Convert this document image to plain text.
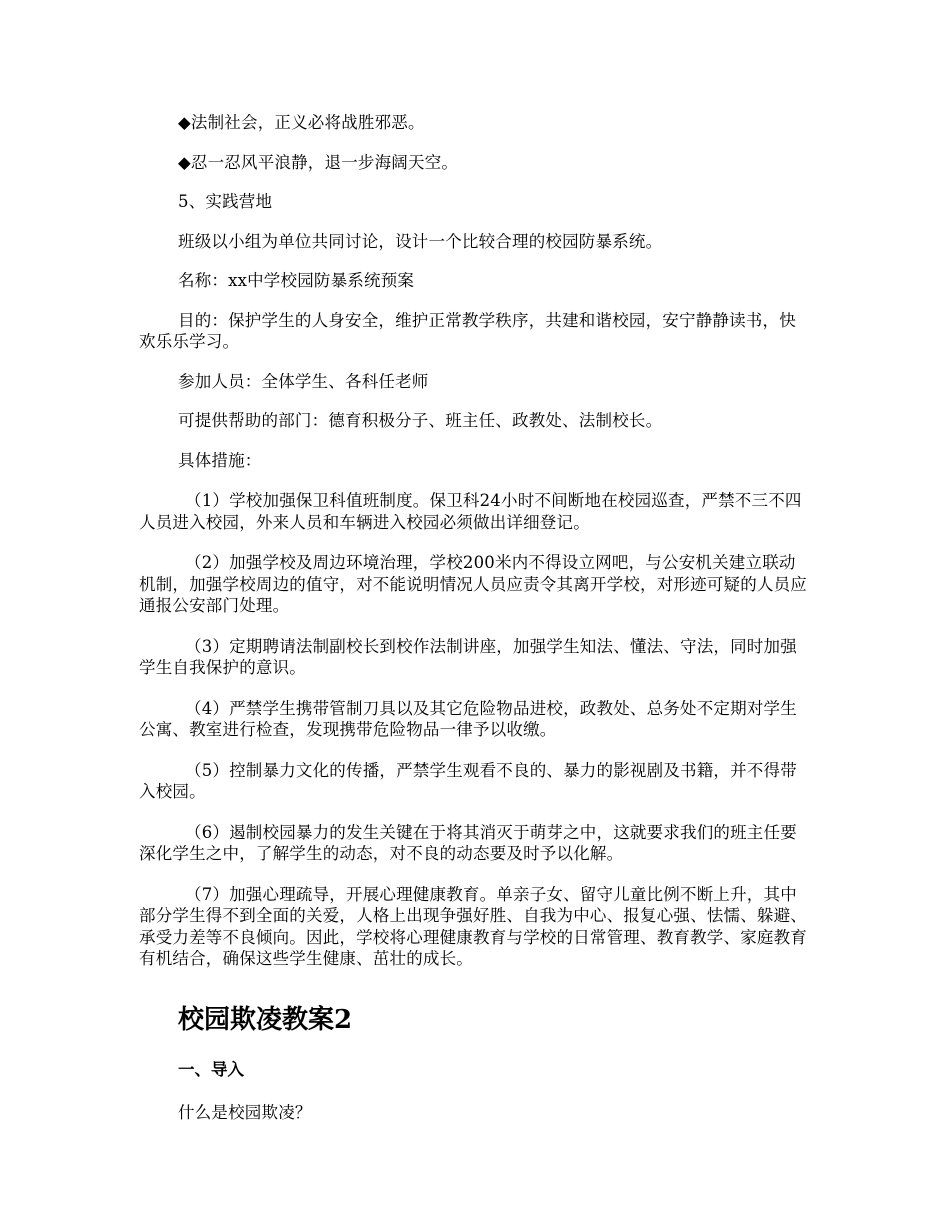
◆法制社会，正义必将战胜邪恶。

◆忍一忍风平浪静，退一步海阔天空。

5、实践营地

班级以小组为单位共同讨论，设计一个比较合理的校园防暴系统。

名称：xx中学校园防暴系统预案

目的：保护学生的人身安全，维护正常教学秩序，共建和谐校园，安宁静静读书，快欢乐乐学习。

参加人员：全体学生、各科任老师

可提供帮助的部门：德育积极分子、班主任、政教处、法制校长。

具体措施：

（1）学校加强保卫科值班制度。保卫科24小时不间断地在校园巡查，严禁不三不四人员进入校园，外来人员和车辆进入校园必须做出详细登记。

（2）加强学校及周边环境治理，学校200米内不得设立网吧，与公安机关建立联动机制，加强学校周边的值守，对不能说明情况人员应责令其离开学校，对形迹可疑的人员应通报公安部门处理。

（3）定期聘请法制副校长到校作法制讲座，加强学生知法、懂法、守法，同时加强学生自我保护的意识。

（4）严禁学生携带管制刀具以及其它危险物品进校，政教处、总务处不定期对学生公寓、教室进行检查，发现携带危险物品一律予以收缴。

（5）控制暴力文化的传播，严禁学生观看不良的、暴力的影视剧及书籍，并不得带入校园。

（6）遏制校园暴力的发生关键在于将其消灭于萌芽之中，这就要求我们的班主任要深化学生之中，了解学生的动态，对不良的动态要及时予以化解。

（7）加强心理疏导，开展心理健康教育。单亲子女、留守儿童比例不断上升，其中部分学生得不到全面的关爱，人格上出现争强好胜、自我为中心、报复心强、怯懦、躲避、承受力差等不良倾向。因此，学校将心理健康教育与学校的日常管理、教育教学、家庭教育有机结合，确保这些学生健康、茁壮的成长。

校园欺凌教案2
一、导入

什么是校园欺凌？
